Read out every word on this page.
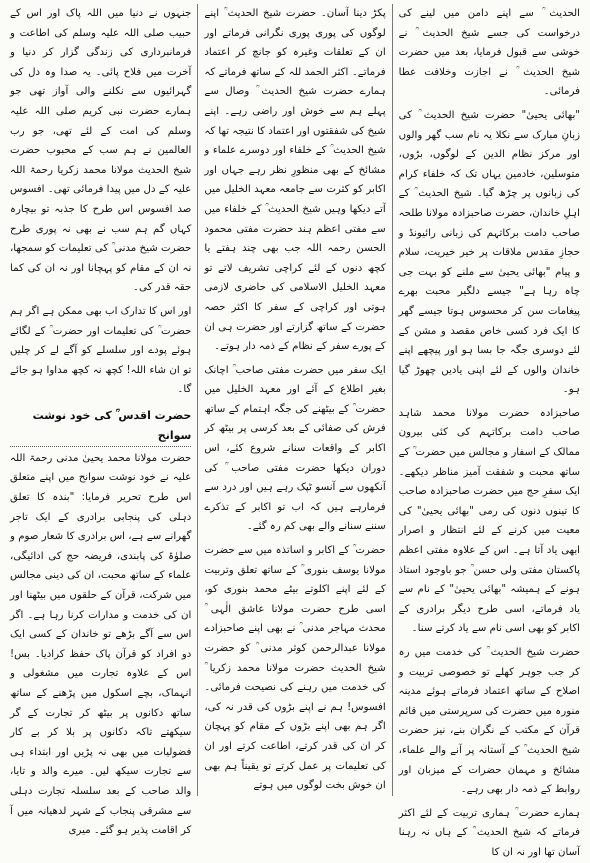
الحدیث ؒ سے اپنے دامن میں لینے کی درخواست کی جسے شیخ الحدیث ؒ نے خوشی سے قبول فرمایا، بعد میں حضرت شیخ الحدیث ؒ نے اجازت وخلافت عطا فرمائی۔

"بھائی یحییٰ" حضرت شیخ الحدیث ؒ کی زبانِ مبارک سے نکلا یہ نام سب گھر والوں اور مرکز نظام الدین کے لوگوں، بڑوں، متوسلین، خادمین یہاں تک کہ خلفاء کرام کی زبانوں پر چڑھ گیا۔ شیخ الحدیث ؒ کے اہلِ خاندان، حضرت صاحبزادہ مولانا طلحہ صاحب دامت برکاتہم کی زبانی رائیونڈ و حجازِ مقدس ملاقات پر خیر خیریت، سلام و پیام "بھائی یحییٰ سے ملنے کو بہت جی چاہ رہا ہے" جیسے دلگیر محبت بھرے پیغامات سن کر محسوس ہوتا جیسے گھر کا ایک فرد کسی خاص مقصد و مشن کے لئے دوسری جگہ جا بسا ہو اور پیچھے اپنے خاندان والوں کے لئے اپنی یادیں چھوڑ گیا ہو۔

صاحبزادہ حضرت مولانا محمد شاہد صاحب دامت برکاتہم کی کئی بیرون ممالک کے اسفار و مجالس میں حضرت ؒ کے ساتھ محبت و شفقت آمیز مناظر دیکھے۔ ایک سفرِ حج میں حضرت صاحبزادہ صاحب کا تینوں دنوں کی رمی "بھائی یحییٰ" کی معیت میں کرنے کے لئے انتظار و اصرار ابھی یاد آتا ہے۔ اس کے علاوہ مفتی اعظم پاکستان مفتی ولی حسن ؒ جو باوجود استاذ ہونے کے ہمیشہ "بھائی یحییٰ" کے نام سے یاد فرماتے، اسی طرح دیگر برادری کے اکابر کو بھی اسی نام سے یاد کرتے سنا۔

حضرت شیخ الحدیث ؒ کی خدمت میں رہ کر جب جوہر کھلے تو خصوصی تربیت و اصلاح کے ساتھ اعتماد فرماتے ہوئے مدینہ منورہ میں حضرت کی سرپرستی میں قائم قرآن کے مکتب کے نگران بنے، نیز حضرت شیخ الحدیث ؒ کے آستانہ پر آنے والے علماء، مشائخ و مہمان حضرات کے میزبان اور روابط کے ذمہ دار بھی رہے۔

ہمارے حضرت ؒ ہماری تربیت کے لئے اکثر فرماتے کہ شیخ الحدیث ؒ کے ہاں نہ رہنا آسان تھا اور نہ ان کا

پکڑ دینا آسان۔ حضرت شیخ الحدیث ؒ اپنے لوگوں کی پوری پوری نگرانی فرماتے اور ان کے تعلقات وغیرہ کو جانچ کر اعتماد فرماتے۔ اکثر الحمد للہ کے ساتھ فرماتے کہ ہمارے حضرت شیخ الحدیث ؒ وصال سے پہلے ہم سے خوش اور راضی رہے۔ اپنے شیخ کی شفقتوں اور اعتماد کا نتیجہ تھا کہ شیخ الحدیث ؒ کے خلفاء اور دوسرے علماء و مشائخ کے بھی منظورِ نظر رہے جہاں اور اکابر کو کثرت سے جامعہ معہد الخلیل میں آتے دیکھا وہیں شیخ الحدیث ؒ کے خلفاء میں سے مفتی اعظم ہند حضرت مفتی محمود الحسن رحمہ اللہ جب بھی چند ہفتے یا کچھ دنوں کے لئے کراچی تشریف لاتے تو معہد الخلیل الاسلامی کی حاضری لازمی ہوتی اور کراچی کے سفر کا اکثر حصہ حضرت کے ساتھ گزارتے اور حضرت ہی ان کے پورے سفر کے نظام کے ذمہ دار ہوتے۔

ایک سفر میں حضرت مفتی صاحب ؒ اچانک بغیر اطلاع کے آئے اور معہد الخلیل میں حضرت ؒ کے بیٹھنے کی جگہ اہتمام کے ساتھ فرش کی صفائی کے بعد کرسی پر بیٹھ کر اکابر کے واقعات سنانے شروع کئے، اس دوران دیکھا حضرت مفتی صاحب ؒ کی آنکھوں سے آنسو ٹپک رہے ہیں اور درد سے فرمارہے ہیں کہ اب تو اکابر کے تذکرے سننے سنانے والے بھی کم رہ گئے۔

حضرت ؒ کے اکابر و اساتذہ میں سے حضرت مولانا یوسف بنوری ؒ کے ساتھ تعلق وتربیت کے لئے اپنے اکلوتے بیٹے محمد بنوری کو، اسی طرح حضرت مولانا عاشق الٰہی ؒ محدث مہاجر مدنی ؒ نے بھی اپنے صاحبزادے مولانا عبدالرحمن کوثر مدنی ؒ کو حضرت شیخ الحدیث حضرت مولانا محمد زکریا ؒ کی خدمت میں رہنے کی نصیحت فرمائی۔ افسوس! ہم نے اپنے بڑوں کی قدر نہ کی، اگر ہم بھی اپنے بڑوں کے مقام کو پہچان کر ان کی قدر کرتے، اطاعت کرتے اور ان کی تعلیمات پر عمل کرتے تو یقیناً ہم بھی ان خوش بخت لوگوں میں ہوتے

جنہوں نے دنیا میں اللہ پاک اور اس کے حبیب صلی اللہ علیہ وسلم کی اطاعت و فرمانبرداری کی زندگی گزار کر دنیا و آخرت میں فلاح پائی۔ یہ صدا وہ دل کی گہرائیوں سے نکلنے والی آواز تھی جو ہمارے حضرت نبی کریم صلی اللہ علیہ وسلم کی امت کے لئے تھی، جو رب العالمین نے ہم سب کے محبوب حضرت شیخ الحدیث مولانا محمد زکریا رحمۃ اللہ علیہ کے دل میں پیدا فرمائی تھی۔ افسوس صد افسوس اس طرح کا جذبہ تو بیچارہ کہاں گم ہم سب نے بھی نہ پوری طرح حضرت شیخ مدنی ؒ کی تعلیمات کو سمجھا، نہ ان کے مقام کو پہچانا اور نہ ان کی کما حقہ قدر کی۔

اور اس کا تدارک اب بھی ممکن ہے اگر ہم حضرت ؒ کی تعلیمات اور حضرت ؒ کے لگائے ہوئے پودے اور سلسلے کو آگے لے کر چلیں تو ان شاء اللہ! کچھ نہ کچھ مداوا ہو جائے گا۔

حضرت اقدس ؒ کی خود نوشت سوانح

حضرت مولانا محمد یحییٰ مدنی رحمۃ اللہ علیہ نے خود نوشت سوانح میں اپنے متعلق اس طرح تحریر فرمایا: "بندہ کا تعلق دہلی کی پنجابی برادری کے ایک تاجر گھرانے سے ہے، اس برادری کا شعار صوم و صلوٰۃ کی پابندی، فریضہ حج کی ادائیگی، علماء کے ساتھ محبت، ان کی دینی مجالس میں شرکت، قرآن کے حلقوں میں بیٹھنا اور ان کی خدمت و مدارات کرنا رہا ہے۔ اگر اس سے آگے بڑھے تو خاندان کے کسی ایک دو افراد کو قرآن پاک حفظ کرادیا۔ بس! اس کے علاوہ تجارت میں مشغولی و انہماک، بچے اسکول میں پڑھنے کے ساتھ ساتھ دکانوں پر بیٹھ کر تجارت کے گر سیکھتے تاکہ دکانوں پر بلا کر بے کار فضولیات میں بھی نہ پڑیں اور ابتداء ہی سے تجارت سیکھ لیں۔ میرے والد و تایا، والد صاحب کے بعد سلسلہ تجارت دہلی سے مشرقی پنجاب کے شہر لدھیانہ میں آ کر اقامت پذیر ہو گئے۔ میری
